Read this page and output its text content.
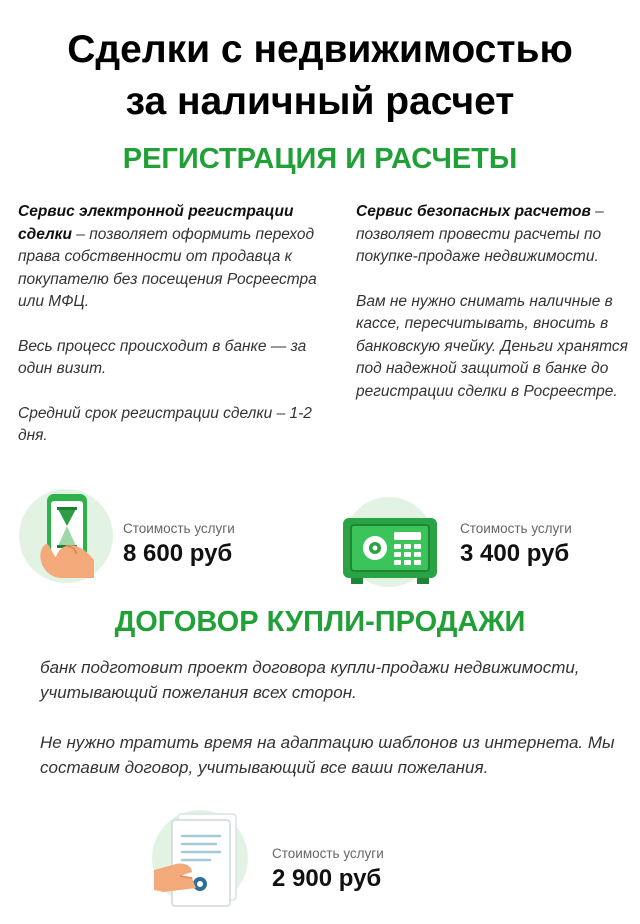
Сделки с недвижимостью
за наличный расчет
РЕГИСТРАЦИЯ И РАСЧЕТЫ

Сервис электронной регистрации сделки – позволяет оформить переход права собственности от продавца к покупателю без посещения Росреестра или МФЦ.

Весь процесс происходит в банке — за один визит.

Средний срок регистрации сделки – 1-2 дня.

Сервис безопасных расчетов – позволяет провести расчеты по покупке-продаже недвижимости.

Вам не нужно снимать наличные в кассе, пересчитывать, вносить в банковскую ячейку. Деньги хранятся под надежной защитой в банке до регистрации сделки в Росреестре.

Стоимость услуги
8 600 руб
Стоимость услуги
3 400 руб
ДОГОВОР КУПЛИ-ПРОДАЖИ

банк подготовит проект договора купли-продажи недвижимости, учитывающий пожелания всех сторон.

Не нужно тратить время на адаптацию шаблонов из интернета. Мы составим договор, учитывающий все ваши пожелания.

Стоимость услуги
2 900 руб
